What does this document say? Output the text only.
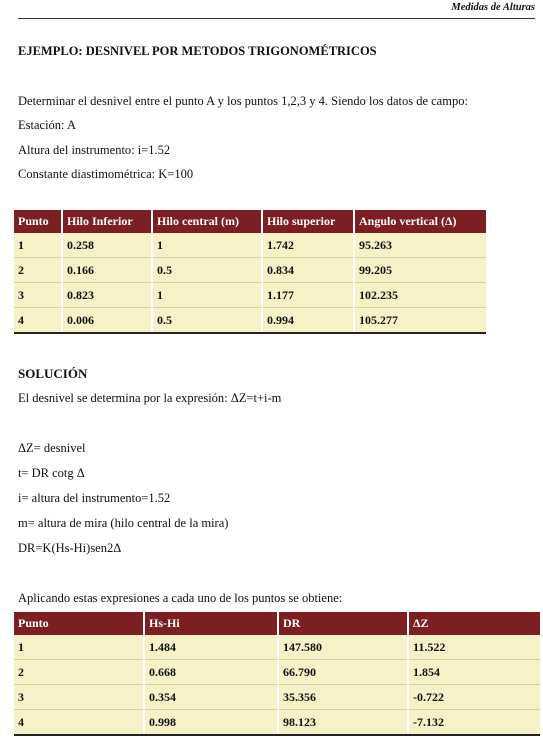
Medidas de Alturas
EJEMPLO: DESNIVEL POR METODOS TRIGONOMÉTRICOS
Determinar el desnivel entre el punto A y los puntos 1,2,3 y 4. Siendo los datos de campo:
Estación: A
Altura del instrumento: i=1.52
Constante diastimométrica: K=100
Punto	Hilo Inferior	Hilo central (m)	Hilo superior	Angulo vertical (Δ)
1	0.258	1	1.742	95.263
2	0.166	0.5	0.834	99.205
3	0.823	1	1.177	102.235
4	0.006	0.5	0.994	105.277
SOLUCIÓN
El desnivel se determina por la expresión: ΔZ=t+i-m
ΔZ= desnivel
t= DR cotg Δ
i= altura del instrumento=1.52
m= altura de mira (hilo central de la mira)
DR=K(Hs-Hi)sen2Δ
Aplicando estas expresiones a cada uno de los puntos se obtiene:
Punto	Hs-Hi	DR	ΔZ
1	1.484	147.580	11.522
2	0.668	66.790	1.854
3	0.354	35.356	-0.722
4	0.998	98.123	-7.132
